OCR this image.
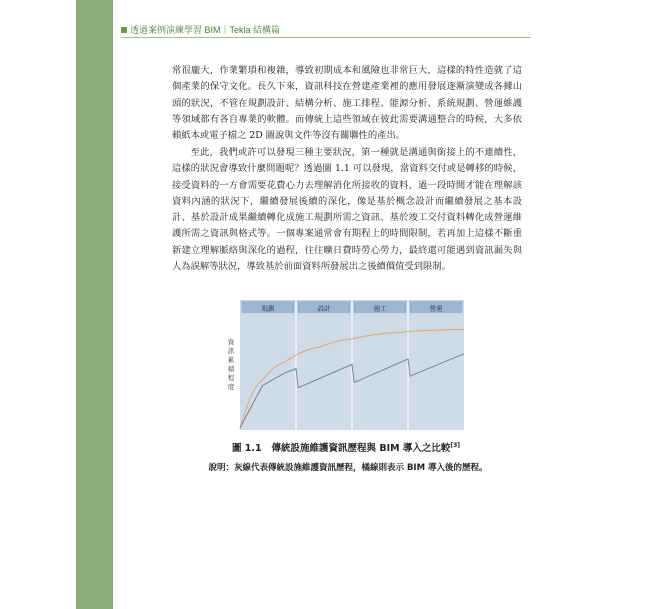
18
透過案例演練學習 BIM｜Tekla 結構篇

常很龐大，作業繁瑣和複雜，導致初期成本和風險也非常巨大，這樣的特性造就了這個產業的保守文化。長久下來，資訊科技在營建產業裡的應用發展逐漸演變成各據山頭的狀況，不管在規劃設計、結構分析、施工排程、能源分析、系統規劃、營運維護等領域都有各自專業的軟體。而傳統上這些領域在彼此需要溝通整合的時候，大多依賴紙本或電子檔之 2D 圖說與文件等沒有關聯性的產出。

至此，我們或許可以發現三種主要狀況，第一種就是溝通與銜接上的不連續性，這樣的狀況會導致什麼問題呢？透過圖 1.1 可以發現，當資料交付或是轉移的時候，接受資料的一方會需要花費心力去理解消化所接收的資料，過一段時間才能在理解該資料內涵的狀況下，繼續發展後續的深化，像是基於概念設計而繼續發展之基本設計、基於設計成果繼續轉化成施工規劃所需之資訊、基於竣工交付資料轉化成營運維護所需之資訊與格式等。一個專案通常會有期程上的時間限制，若再加上這樣不斷重新建立理解脈絡與深化的過程，往往曠日費時勞心勞力，最終還可能遇到資訊漏失與人為誤解等狀況，導致基於前面資料所發展出之後續價值受到限制。

規劃	設計	施工	營運
資
訊
累
積
程
度
圖 1.1 傳統設施維護資訊歷程與 BIM 導入之比較[3]
說明：灰線代表傳統設施維護資訊歷程，橘線則表示 BIM 導入後的歷程。
